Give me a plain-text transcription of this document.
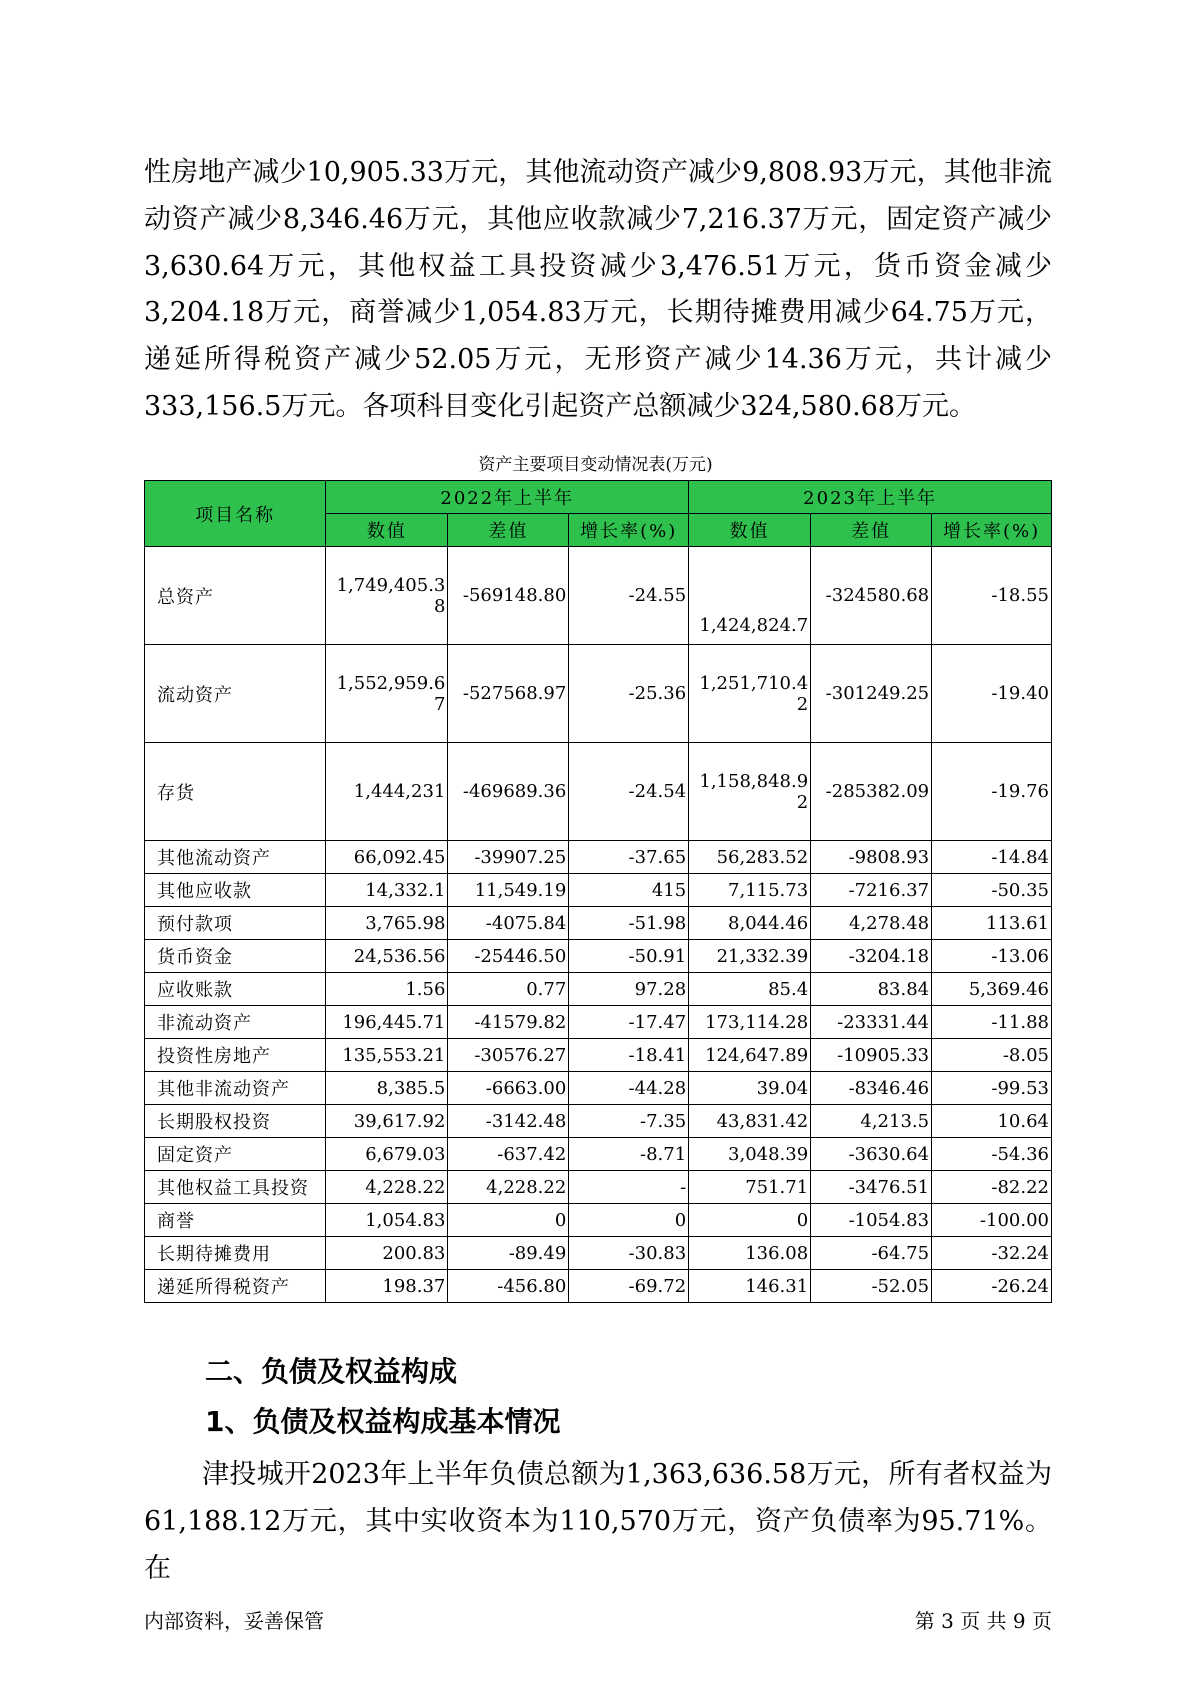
性房地产减少10,905.33万元，其他流动资产减少9,808.93万元，其他非流动资产减少8,346.46万元，其他应收款减少7,216.37万元，固定资产减少3,630.64万元，其他权益工具投资减少3,476.51万元，货币资金减少3,204.18万元，商誉减少1,054.83万元，长期待摊费用减少64.75万元，递延所得税资产减少52.05万元，无形资产减少14.36万元，共计减少333,156.5万元。各项科目变化引起资产总额减少324,580.68万元。

资产主要项目变动情况表(万元)
项目名称	2022年上半年			2023年上半年		
	数值	差值	增长率(%)	数值	差值	增长率(%)
总资产	1,749,405.38	-569148.80	-24.55	1,424,824.7	-324580.68	-18.55
流动资产	1,552,959.67	-527568.97	-25.36	1,251,710.42	-301249.25	-19.40
存货	1,444,231	-469689.36	-24.54	1,158,848.92	-285382.09	-19.76
其他流动资产	66,092.45	-39907.25	-37.65	56,283.52	-9808.93	-14.84
其他应收款	14,332.1	11,549.19	415	7,115.73	-7216.37	-50.35
预付款项	3,765.98	-4075.84	-51.98	8,044.46	4,278.48	113.61
货币资金	24,536.56	-25446.50	-50.91	21,332.39	-3204.18	-13.06
应收账款	1.56	0.77	97.28	85.4	83.84	5,369.46
非流动资产	196,445.71	-41579.82	-17.47	173,114.28	-23331.44	-11.88
投资性房地产	135,553.21	-30576.27	-18.41	124,647.89	-10905.33	-8.05
其他非流动资产	8,385.5	-6663.00	-44.28	39.04	-8346.46	-99.53
长期股权投资	39,617.92	-3142.48	-7.35	43,831.42	4,213.5	10.64
固定资产	6,679.03	-637.42	-8.71	3,048.39	-3630.64	-54.36
其他权益工具投资	4,228.22	4,228.22	-	751.71	-3476.51	-82.22
商誉	1,054.83	0	0	0	-1054.83	-100.00
长期待摊费用	200.83	-89.49	-30.83	136.08	-64.75	-32.24
递延所得税资产	198.37	-456.80	-69.72	146.31	-52.05	-26.24
二、负债及权益构成
1、负债及权益构成基本情况

津投城开2023年上半年负债总额为1,363,636.58万元，所有者权益为61,188.12万元，其中实收资本为110,570万元，资产负债率为95.71%。在

内部资料，妥善保管	第 3 页 共 9 页
